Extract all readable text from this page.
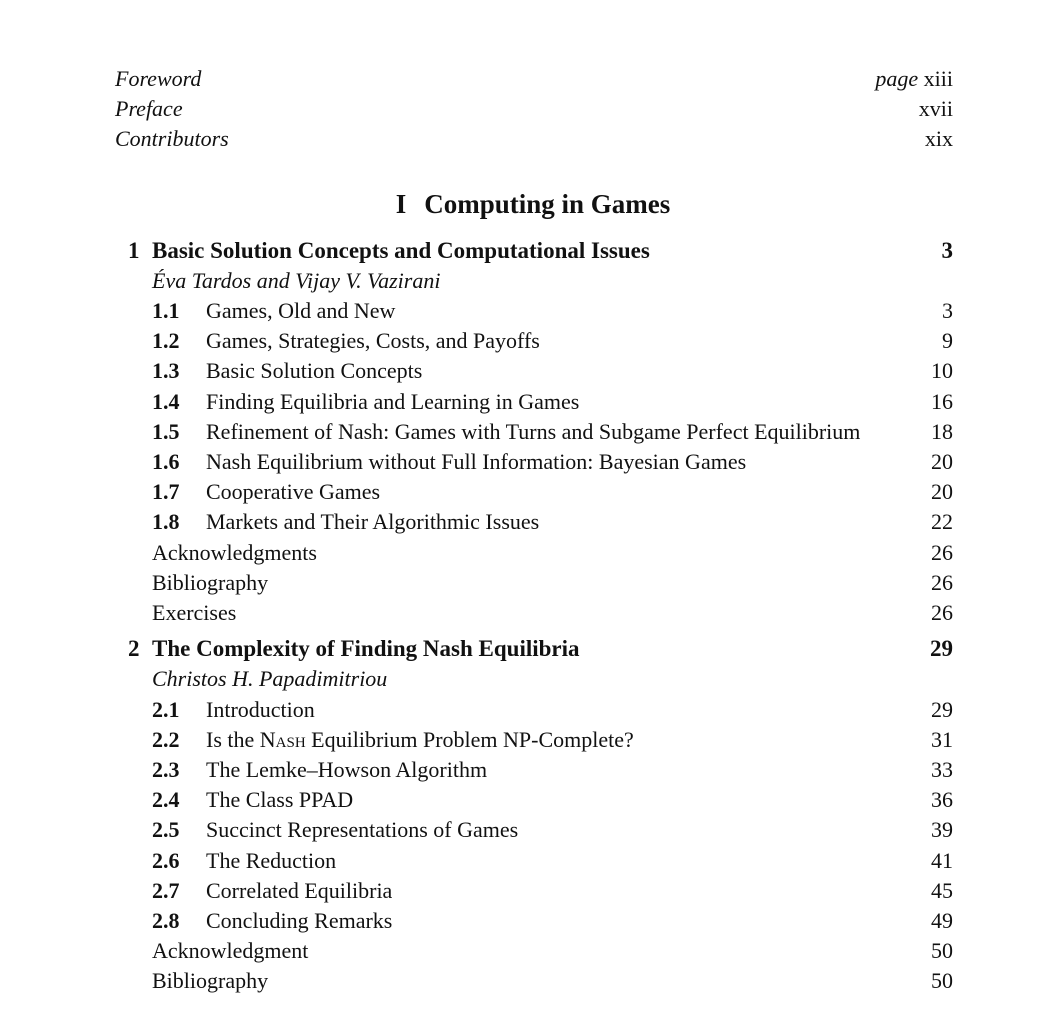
Foreword	page xiii
Preface	xvii
Contributors	xix
I Computing in Games
1 Basic Solution Concepts and Computational Issues	3
Éva Tardos and Vijay V. Vazirani
1.1 Games, Old and New	3
1.2 Games, Strategies, Costs, and Payoffs	9
1.3 Basic Solution Concepts	10
1.4 Finding Equilibria and Learning in Games	16
1.5 Refinement of Nash: Games with Turns and Subgame Perfect Equilibrium	18
1.6 Nash Equilibrium without Full Information: Bayesian Games	20
1.7 Cooperative Games	20
1.8 Markets and Their Algorithmic Issues	22
Acknowledgments	26
Bibliography	26
Exercises	26
2 The Complexity of Finding Nash Equilibria	29
Christos H. Papadimitriou
2.1 Introduction	29
2.2 Is the Nash Equilibrium Problem NP-Complete?	31
2.3 The Lemke–Howson Algorithm	33
2.4 The Class PPAD	36
2.5 Succinct Representations of Games	39
2.6 The Reduction	41
2.7 Correlated Equilibria	45
2.8 Concluding Remarks	49
Acknowledgment	50
Bibliography	50
